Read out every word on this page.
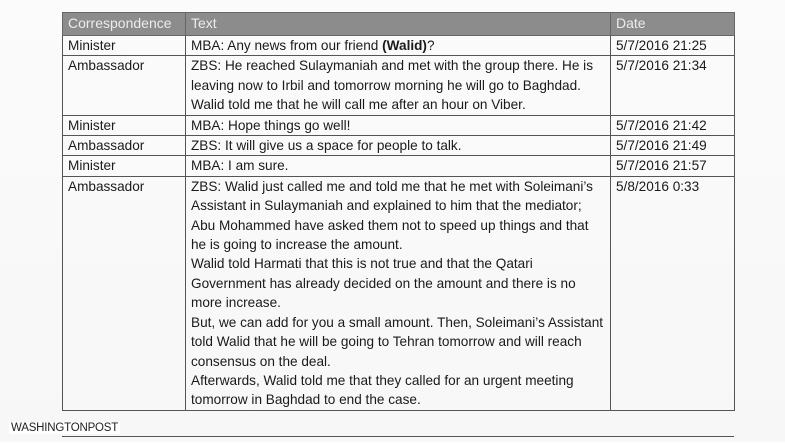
Correspondence	Text	Date
Minister	MBA: Any news from our friend (Walid)?	5/7/2016 21:25
Ambassador	ZBS: He reached Sulaymaniah and met with the group there. He is leaving now to Irbil and tomorrow morning he will go to Baghdad. Walid told me that he will call me after an hour on Viber.	5/7/2016 21:34
Minister	MBA: Hope things go well!	5/7/2016 21:42
Ambassador	ZBS: It will give us a space for people to talk.	5/7/2016 21:49
Minister	MBA: I am sure.	5/7/2016 21:57
Ambassador	ZBS: Walid just called me and told me that he met with Soleimani’s Assistant in Sulaymaniah and explained to him that the mediator; Abu Mohammed have asked them not to speed up things and that he is going to increase the amount.
Walid told Harmati that this is not true and that the Qatari Government has already decided on the amount and there is no more increase.
But, we can add for you a small amount. Then, Soleimani’s Assistant told Walid that he will be going to Tehran tomorrow and will reach consensus on the deal.
Afterwards, Walid told me that they called for an urgent meeting tomorrow in Baghdad to end the case.	5/8/2016 0:33
WASHINGTONPOST
